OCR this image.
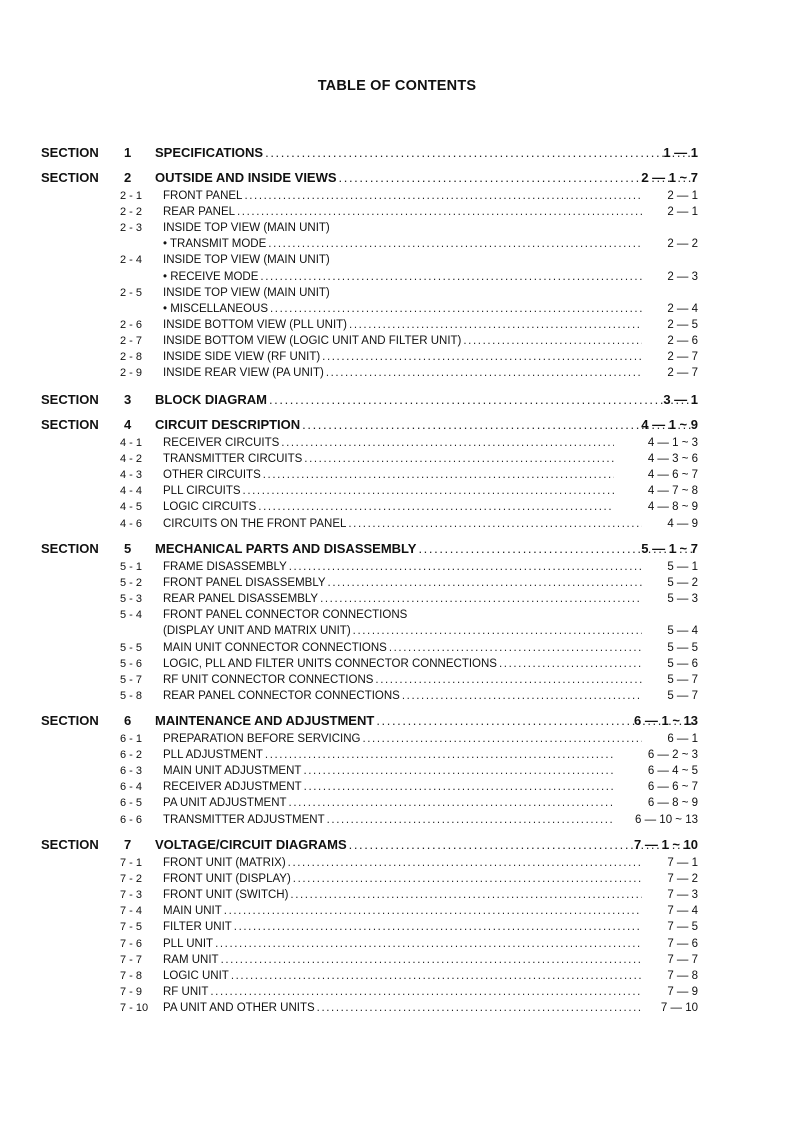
TABLE OF CONTENTS
SECTION 1 SPECIFICATIONS .....	1 — 1
SECTION 2 OUTSIDE AND INSIDE VIEWS .....	2 — 1 ~ 7
2 - 1 FRONT PANEL .....	2 — 1
2 - 2 REAR PANEL .....	2 — 1
2 - 3 INSIDE TOP VIEW (MAIN UNIT)
• TRANSMIT MODE .....	2 — 2
2 - 4 INSIDE TOP VIEW (MAIN UNIT)
• RECEIVE MODE .....	2 — 3
2 - 5 INSIDE TOP VIEW (MAIN UNIT)
• MISCELLANEOUS .....	2 — 4
2 - 6 INSIDE BOTTOM VIEW (PLL UNIT) .....	2 — 5
2 - 7 INSIDE BOTTOM VIEW (LOGIC UNIT AND FILTER UNIT) .....	2 — 6
2 - 8 INSIDE SIDE VIEW (RF UNIT) .....	2 — 7
2 - 9 INSIDE REAR VIEW (PA UNIT) .....	2 — 7
SECTION 3 BLOCK DIAGRAM .....	3 — 1
SECTION 4 CIRCUIT DESCRIPTION .....	4 — 1 ~ 9
4 - 1 RECEIVER CIRCUITS .....	4 — 1 ~ 3
4 - 2 TRANSMITTER CIRCUITS .....	4 — 3 ~ 6
4 - 3 OTHER CIRCUITS .....	4 — 6 ~ 7
4 - 4 PLL CIRCUITS .....	4 — 7 ~ 8
4 - 5 LOGIC CIRCUITS .....	4 — 8 ~ 9
4 - 6 CIRCUITS ON THE FRONT PANEL .....	4 — 9
SECTION 5 MECHANICAL PARTS AND DISASSEMBLY .....	5 — 1 ~ 7
5 - 1 FRAME DISASSEMBLY .....	5 — 1
5 - 2 FRONT PANEL DISASSEMBLY .....	5 — 2
5 - 3 REAR PANEL DISASSEMBLY .....	5 — 3
5 - 4 FRONT PANEL CONNECTOR CONNECTIONS
(DISPLAY UNIT AND MATRIX UNIT) .....	5 — 4
5 - 5 MAIN UNIT CONNECTOR CONNECTIONS .....	5 — 5
5 - 6 LOGIC, PLL AND FILTER UNITS CONNECTOR CONNECTIONS .....	5 — 6
5 - 7 RF UNIT CONNECTOR CONNECTIONS .....	5 — 7
5 - 8 REAR PANEL CONNECTOR CONNECTIONS .....	5 — 7
SECTION 6 MAINTENANCE AND ADJUSTMENT .....	6 — 1 ~ 13
6 - 1 PREPARATION BEFORE SERVICING .....	6 — 1
6 - 2 PLL ADJUSTMENT .....	6 — 2 ~ 3
6 - 3 MAIN UNIT ADJUSTMENT .....	6 — 4 ~ 5
6 - 4 RECEIVER ADJUSTMENT .....	6 — 6 ~ 7
6 - 5 PA UNIT ADJUSTMENT .....	6 — 8 ~ 9
6 - 6 TRANSMITTER ADJUSTMENT .....	6 — 10 ~ 13
SECTION 7 VOLTAGE/CIRCUIT DIAGRAMS .....	7 — 1 ~ 10
7 - 1 FRONT UNIT (MATRIX) .....	7 — 1
7 - 2 FRONT UNIT (DISPLAY) .....	7 — 2
7 - 3 FRONT UNIT (SWITCH) .....	7 — 3
7 - 4 MAIN UNIT .....	7 — 4
7 - 5 FILTER UNIT .....	7 — 5
7 - 6 PLL UNIT .....	7 — 6
7 - 7 RAM UNIT .....	7 — 7
7 - 8 LOGIC UNIT .....	7 — 8
7 - 9 RF UNIT .....	7 — 9
7 - 10 PA UNIT AND OTHER UNITS .....	7 — 10
